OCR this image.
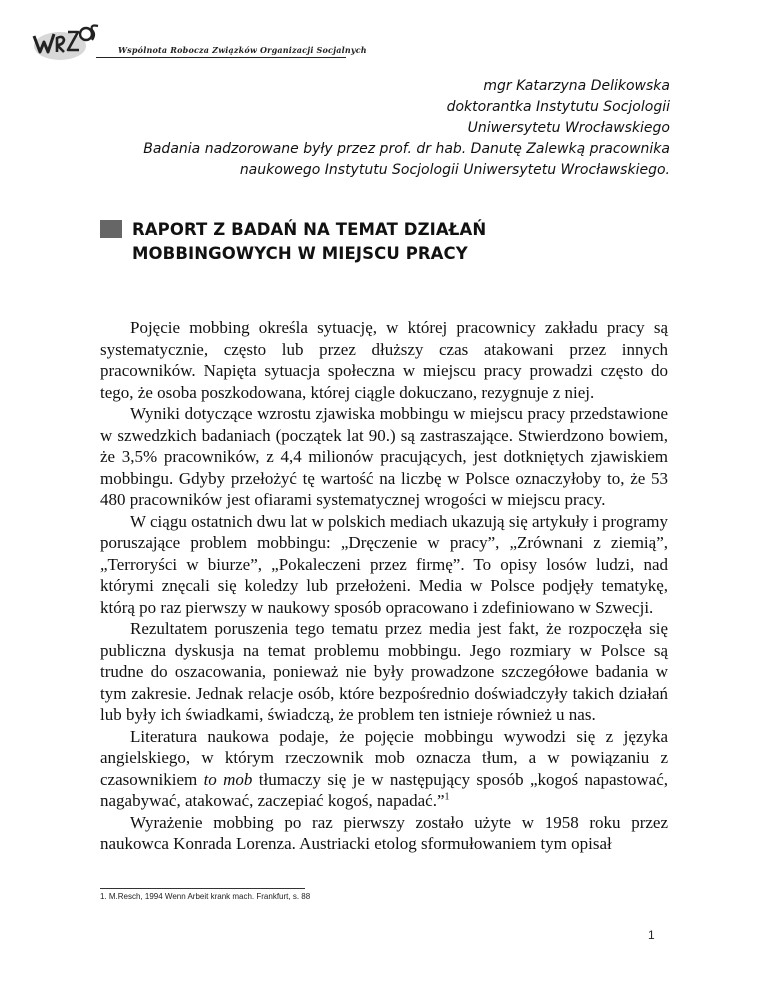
Wspólnota Robocza Związków Organizacji Socjalnych
mgr Katarzyna Delikowska
doktorantka Instytutu Socjologii
Uniwersytetu Wrocławskiego
Badania nadzorowane były przez prof. dr hab. Danutę Zalewką pracownika
naukowego Instytutu Socjologii Uniwersytetu Wrocławskiego.
RAPORT Z BADAŃ NA TEMAT DZIAŁAŃ
MOBBINGOWYCH W MIEJSCU PRACY

Pojęcie mobbing określa sytuację, w której pracownicy zakładu pracy są systematycznie, często lub przez dłuższy czas atakowani przez innych pracowników. Napięta sytuacja społeczna w miejscu pracy prowadzi często do tego, że osoba poszkodowana, której ciągle dokuczano, rezygnuje z niej.

Wyniki dotyczące wzrostu zjawiska mobbingu w miejscu pracy przedstawione w szwedzkich badaniach (początek lat 90.) są zastraszające. Stwierdzono bowiem, że 3,5% pracowników, z 4,4 milionów pracujących, jest dotkniętych zjawiskiem mobbingu. Gdyby przełożyć tę wartość na liczbę w Polsce oznaczyłoby to, że 53 480 pracowników jest ofiarami systematycznej wrogości w miejscu pracy.

W ciągu ostatnich dwu lat w polskich mediach ukazują się artykuły i programy poruszające problem mobbingu: „Dręczenie w pracy”, „Zrównani z ziemią”, „Terroryści w biurze”, „Pokaleczeni przez firmę”. To opisy losów ludzi, nad którymi znęcali się koledzy lub przełożeni. Media w Polsce podjęły tematykę, którą po raz pierwszy w naukowy sposób opracowano i zdefiniowano w Szwecji.

Rezultatem poruszenia tego tematu przez media jest fakt, że rozpoczęła się publiczna dyskusja na temat problemu mobbingu. Jego rozmiary w Polsce są trudne do oszacowania, ponieważ nie były prowadzone szczegółowe badania w tym zakresie. Jednak relacje osób, które bezpośrednio doświadczyły takich działań lub były ich świadkami, świadczą, że problem ten istnieje również u nas.

Literatura naukowa podaje, że pojęcie mobbingu wywodzi się z języka angielskiego, w którym rzeczownik mob oznacza tłum, a w powiązaniu z czasownikiem to mob tłumaczy się je w następujący sposób „kogoś napastować, nagabywać, atakować, zaczepiać kogoś, napadać.”$^1$

Wyrażenie mobbing po raz pierwszy zostało użyte w 1958 roku przez naukowca Konrada Lorenza. Austriacki etolog sformułowaniem tym opisał

1. M.Resch, 1994 Wenn Arbeit krank mach. Frankfurt, s. 88
1
